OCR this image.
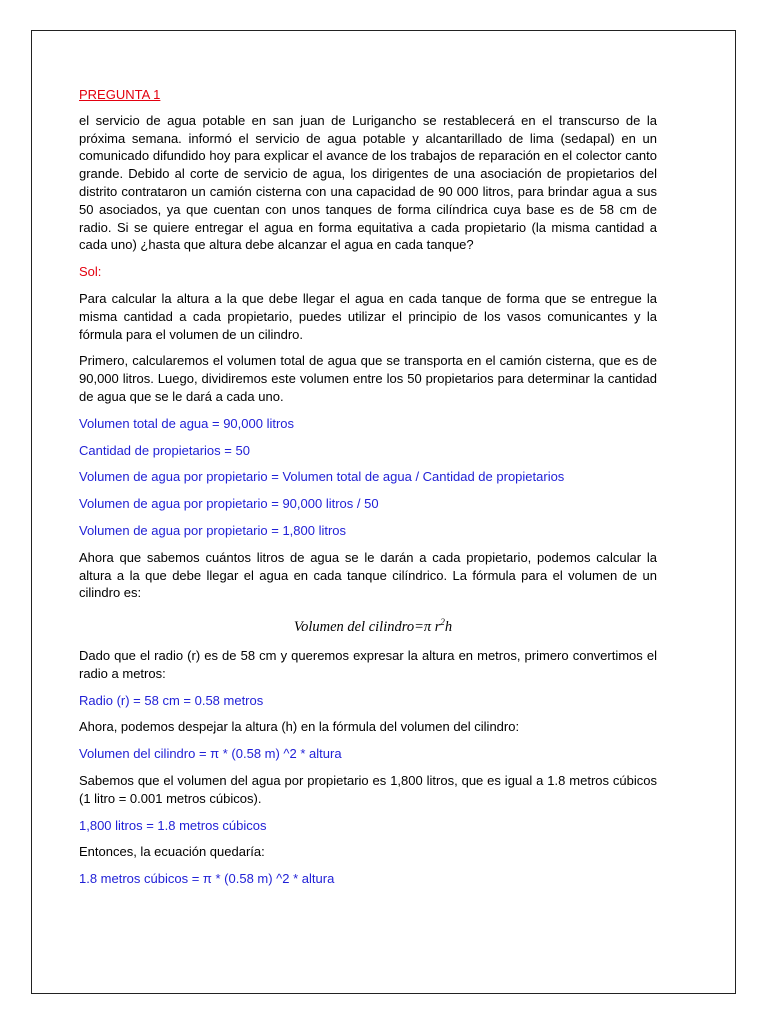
PREGUNTA 1

el servicio de agua potable en san juan de Lurigancho se restablecerá en el transcurso de la próxima semana. informó el servicio de agua potable y alcantarillado de lima (sedapal) en un comunicado difundido hoy para explicar el avance de los trabajos de reparación en el colector canto grande. Debido al corte de servicio de agua, los dirigentes de una asociación de propietarios del distrito contrataron un camión cisterna con una capacidad de 90 000 litros, para brindar agua a sus 50 asociados, ya que cuentan con unos tanques de forma cilíndrica cuya base es de 58 cm de radio. Si se quiere entregar el agua en forma equitativa a cada propietario (la misma cantidad a cada uno) ¿hasta que altura debe alcanzar el agua en cada tanque?

Sol:

Para calcular la altura a la que debe llegar el agua en cada tanque de forma que se entregue la misma cantidad a cada propietario, puedes utilizar el principio de los vasos comunicantes y la fórmula para el volumen de un cilindro.

Primero, calcularemos el volumen total de agua que se transporta en el camión cisterna, que es de 90,000 litros. Luego, dividiremos este volumen entre los 50 propietarios para determinar la cantidad de agua que se le dará a cada uno.

Volumen total de agua = 90,000 litros

Cantidad de propietarios = 50

Volumen de agua por propietario = Volumen total de agua / Cantidad de propietarios

Volumen de agua por propietario = 90,000 litros / 50

Volumen de agua por propietario = 1,800 litros

Ahora que sabemos cuántos litros de agua se le darán a cada propietario, podemos calcular la altura a la que debe llegar el agua en cada tanque cilíndrico. La fórmula para el volumen de un cilindro es:

Volumen del cilindro=π $r^2h$

Dado que el radio (r) es de 58 cm y queremos expresar la altura en metros, primero convertimos el radio a metros:

Radio (r) = 58 cm = 0.58 metros

Ahora, podemos despejar la altura (h) en la fórmula del volumen del cilindro:

Volumen del cilindro = π * (0.58 m) ^2 * altura

Sabemos que el volumen del agua por propietario es 1,800 litros, que es igual a 1.8 metros cúbicos (1 litro = 0.001 metros cúbicos).

1,800 litros = 1.8 metros cúbicos

Entonces, la ecuación quedaría:

1.8 metros cúbicos = π * (0.58 m) ^2 * altura
